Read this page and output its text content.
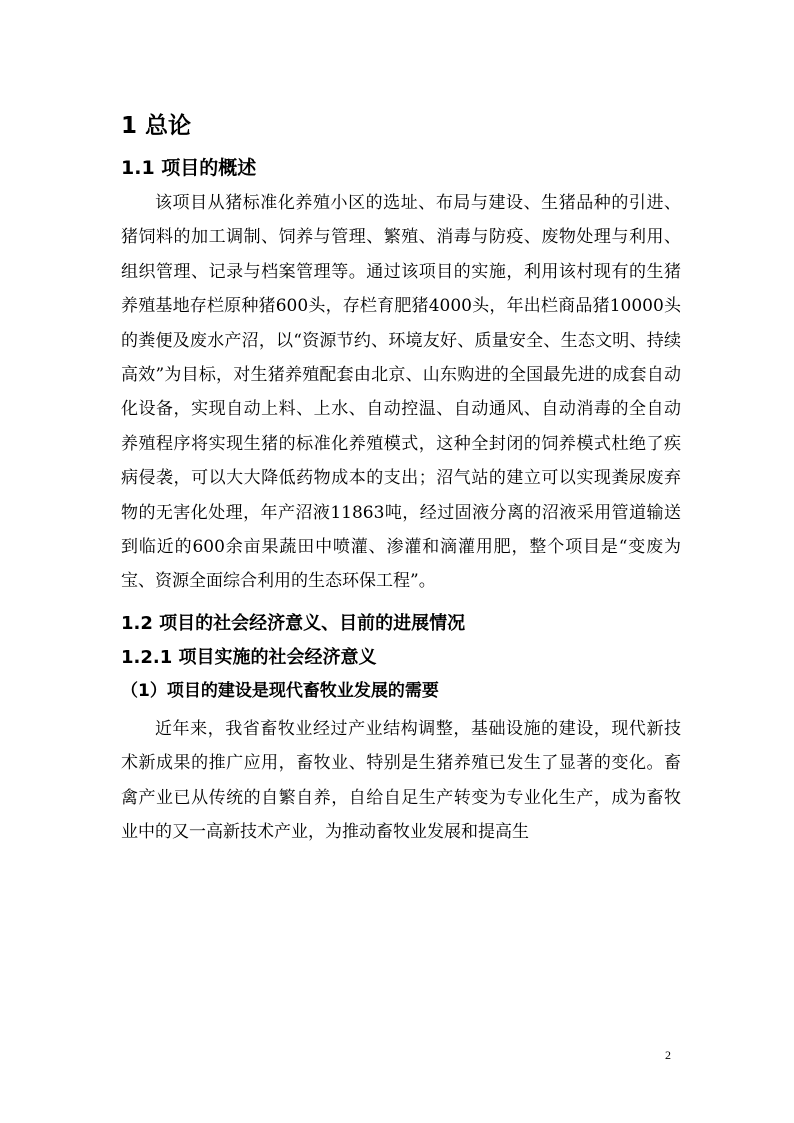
1 总论
1.1 项目的概述

该项目从猪标准化养殖小区的选址、布局与建设、生猪品种的引进、猪饲料的加工调制、饲养与管理、繁殖、消毒与防疫、废物处理与利用、组织管理、记录与档案管理等。通过该项目的实施，利用该村现有的生猪养殖基地存栏原种猪600头，存栏育肥猪4000头，年出栏商品猪10000头的粪便及废水产沼，以“资源节约、环境友好、质量安全、生态文明、持续高效”为目标，对生猪养殖配套由北京、山东购进的全国最先进的成套自动化设备，实现自动上料、上水、自动控温、自动通风、自动消毒的全自动养殖程序将实现生猪的标准化养殖模式，这种全封闭的饲养模式杜绝了疾病侵袭，可以大大降低药物成本的支出；沼气站的建立可以实现粪尿废弃物的无害化处理，年产沼液11863吨，经过固液分离的沼液采用管道输送到临近的600余亩果蔬田中喷灌、渗灌和滴灌用肥，整个项目是“变废为宝、资源全面综合利用的生态环保工程”。

1.2 项目的社会经济意义、目前的进展情况
1.2.1 项目实施的社会经济意义
（1）项目的建设是现代畜牧业发展的需要

近年来，我省畜牧业经过产业结构调整，基础设施的建设，现代新技术新成果的推广应用，畜牧业、特别是生猪养殖已发生了显著的变化。畜禽产业已从传统的自繁自养，自给自足生产转变为专业化生产，成为畜牧业中的又一高新技术产业，为推动畜牧业发展和提高生

2
